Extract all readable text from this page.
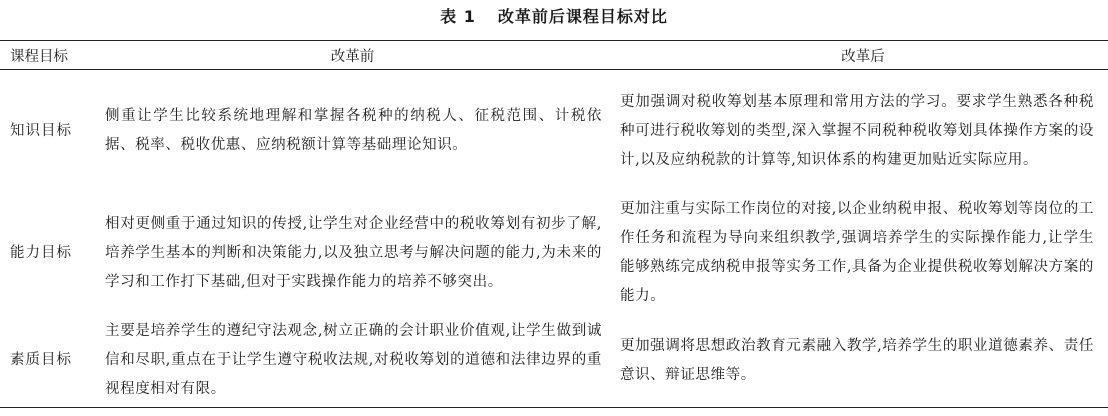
表 1 改革前后课程目标对比
课程目标	改革前	改革后
知识目标	侧重让学生比较系统地理解和掌握各税种的纳税人、征税范围、计税依据、税率、税收优惠、应纳税额计算等基础理论知识。	更加强调对税收筹划基本原理和常用方法的学习。要求学生熟悉各种税种可进行税收筹划的类型,深入掌握不同税种税收筹划具体操作方案的设计,以及应纳税款的计算等,知识体系的构建更加贴近实际应用。
能力目标	相对更侧重于通过知识的传授,让学生对企业经营中的税收筹划有初步了解,培养学生基本的判断和决策能力,以及独立思考与解决问题的能力,为未来的学习和工作打下基础,但对于实践操作能力的培养不够突出。	更加注重与实际工作岗位的对接,以企业纳税申报、税收筹划等岗位的工作任务和流程为导向来组织教学,强调培养学生的实际操作能力,让学生能够熟练完成纳税申报等实务工作,具备为企业提供税收筹划解决方案的能力。
素质目标	主要是培养学生的遵纪守法观念,树立正确的会计职业价值观,让学生做到诚信和尽职,重点在于让学生遵守税收法规,对税收筹划的道德和法律边界的重视程度相对有限。	更加强调将思想政治教育元素融入教学,培养学生的职业道德素养、责任意识、辩证思维等。
